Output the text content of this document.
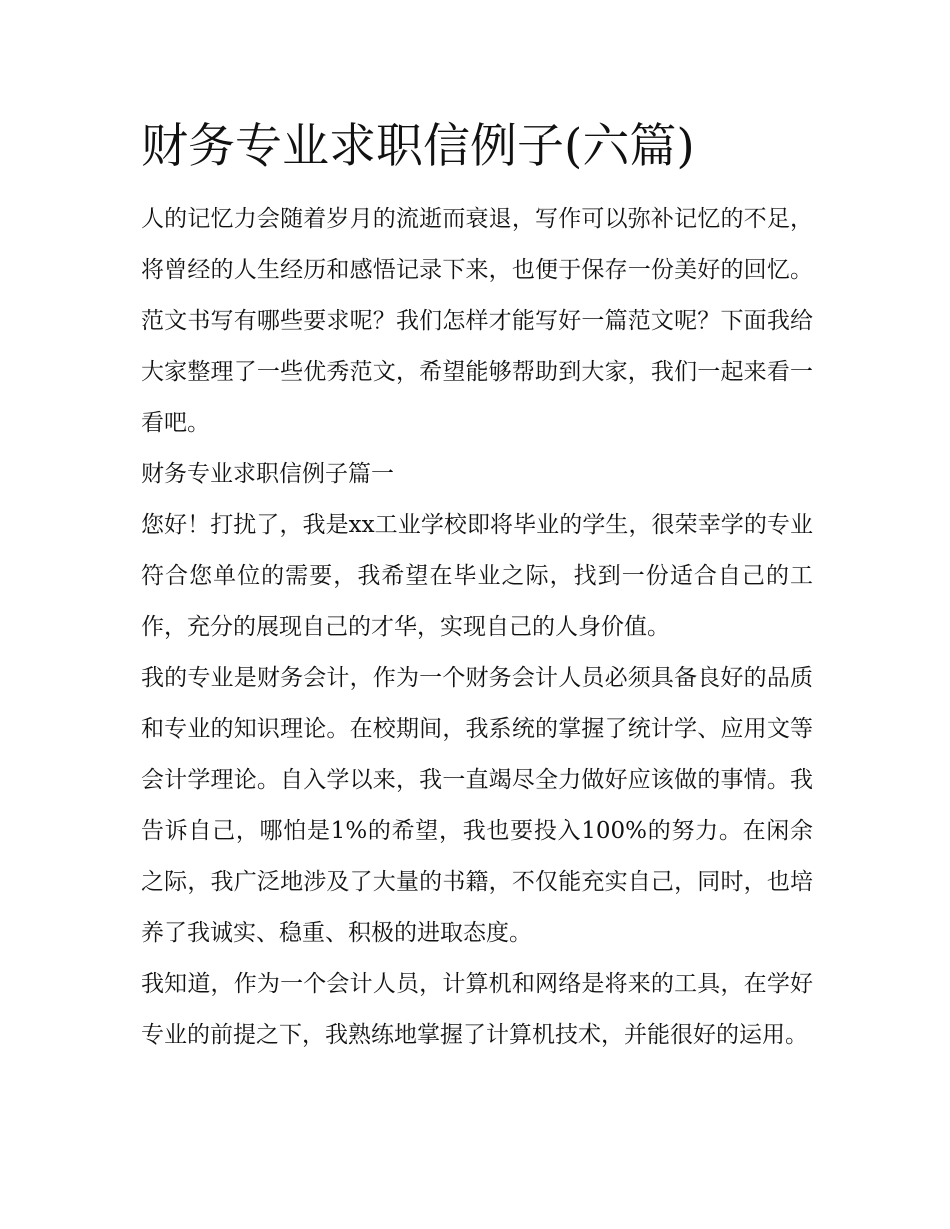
财务专业求职信例子(六篇)

人的记忆力会随着岁月的流逝而衰退，写作可以弥补记忆的不足，将曾经的人生经历和感悟记录下来，也便于保存一份美好的回忆。范文书写有哪些要求呢？我们怎样才能写好一篇范文呢？下面我给大家整理了一些优秀范文，希望能够帮助到大家，我们一起来看一看吧。

财务专业求职信例子篇一

您好！打扰了，我是xx工业学校即将毕业的学生，很荣幸学的专业符合您单位的需要，我希望在毕业之际，找到一份适合自己的工作，充分的展现自己的才华，实现自己的人身价值。

我的专业是财务会计，作为一个财务会计人员必须具备良好的品质和专业的知识理论。在校期间，我系统的掌握了统计学、应用文等会计学理论。自入学以来，我一直竭尽全力做好应该做的事情。我告诉自己，哪怕是1%的希望，我也要投入100%的努力。在闲余之际，我广泛地涉及了大量的书籍，不仅能充实自己，同时，也培养了我诚实、稳重、积极的进取态度。

我知道，作为一个会计人员，计算机和网络是将来的工具，在学好专业的前提之下，我熟练地掌握了计算机技术，并能很好的运用。
